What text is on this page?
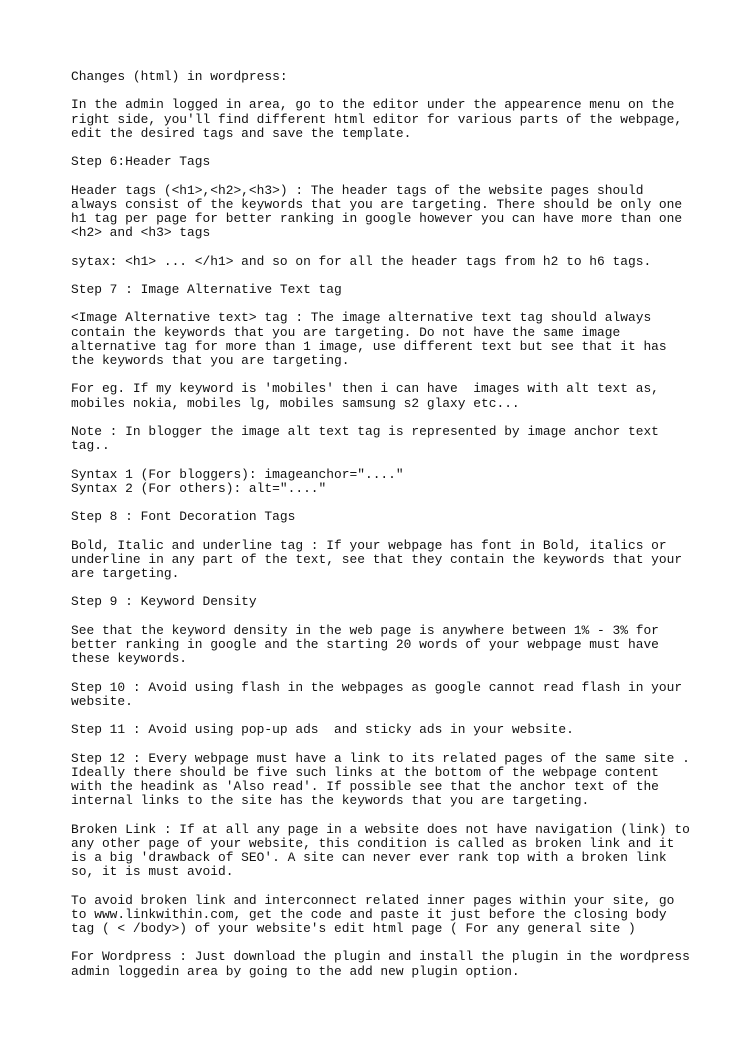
Changes (html) in wordpress:
In the admin logged in area, go to the editor under the appearence menu on the
right side, you'll find different html editor for various parts of the webpage,
edit the desired tags and save the template.
Step 6:Header Tags
Header tags (<h1>,<h2>,<h3>) : The header tags of the website pages should
always consist of the keywords that you are targeting. There should be only one
h1 tag per page for better ranking in google however you can have more than one
<h2> and <h3> tags
sytax: <h1> ... </h1> and so on for all the header tags from h2 to h6 tags.
Step 7 : Image Alternative Text tag
<Image Alternative text> tag : The image alternative text tag should always
contain the keywords that you are targeting. Do not have the same image
alternative tag for more than 1 image, use different text but see that it has
the keywords that you are targeting.
For eg. If my keyword is 'mobiles' then i can have  images with alt text as,
mobiles nokia, mobiles lg, mobiles samsung s2 glaxy etc...
Note : In blogger the image alt text tag is represented by image anchor text
tag..
Syntax 1 (For bloggers): imageanchor="...."
Syntax 2 (For others): alt="...."
Step 8 : Font Decoration Tags
Bold, Italic and underline tag : If your webpage has font in Bold, italics or
underline in any part of the text, see that they contain the keywords that your
are targeting.
Step 9 : Keyword Density
See that the keyword density in the web page is anywhere between 1% - 3% for
better ranking in google and the starting 20 words of your webpage must have
these keywords.
Step 10 : Avoid using flash in the webpages as google cannot read flash in your
website.
Step 11 : Avoid using pop-up ads  and sticky ads in your website.
Step 12 : Every webpage must have a link to its related pages of the same site .
Ideally there should be five such links at the bottom of the webpage content
with the headink as 'Also read'. If possible see that the anchor text of the
internal links to the site has the keywords that you are targeting.
Broken Link : If at all any page in a website does not have navigation (link) to
any other page of your website, this condition is called as broken link and it
is a big 'drawback of SEO'. A site can never ever rank top with a broken link
so, it is must avoid.
To avoid broken link and interconnect related inner pages within your site, go
to www.linkwithin.com, get the code and paste it just before the closing body
tag ( < /body>) of your website's edit html page ( For any general site )
For Wordpress : Just download the plugin and install the plugin in the wordpress
admin loggedin area by going to the add new plugin option.
